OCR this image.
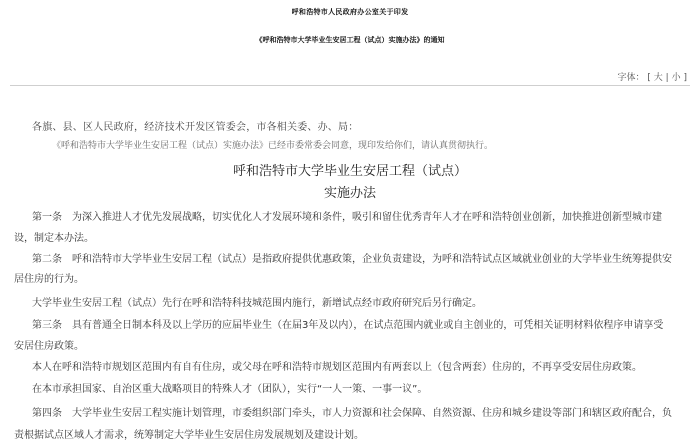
呼和浩特市人民政府办公室关于印发
《呼和浩特市大学毕业生安居工程（试点）实施办法》的通知
字体： [ 大 | 小 ]
各旗、县、区人民政府，经济技术开发区管委会，市各相关委、办、局：
《呼和浩特市大学毕业生安居工程（试点）实施办法》已经市委常委会同意，现印发给你们，请认真贯彻执行。
呼和浩特市大学毕业生安居工程（试点）
实施办法
第一条　为深入推进人才优先发展战略，切实优化人才发展环境和条件，吸引和留住优秀青年人才在呼和浩特创业创新，加快推进创新型城市建
设，制定本办法。
第二条　呼和浩特市大学毕业生安居工程（试点）是指政府提供优惠政策，企业负责建设，为呼和浩特试点区域就业创业的大学毕业生统筹提供安
居住房的行为。
大学毕业生安居工程（试点）先行在呼和浩特科技城范围内施行，新增试点经市政府研究后另行确定。
第三条　具有普通全日制本科及以上学历的应届毕业生（在届3年及以内），在试点范围内就业或自主创业的，可凭相关证明材料依程序申请享受
安居住房政策。
本人在呼和浩特市规划区范围内有自有住房，或父母在呼和浩特市规划区范围内有两套以上（包含两套）住房的，不再享受安居住房政策。
在本市承担国家、自治区重大战略项目的特殊人才（团队），实行“一人一策、一事一议”。
第四条　大学毕业生安居工程实施计划管理，市委组织部门牵头，市人力资源和社会保障、自然资源、住房和城乡建设等部门和辖区政府配合，负
责根据试点区域人才需求，统筹制定大学毕业生安居住房发展规划及建设计划。
